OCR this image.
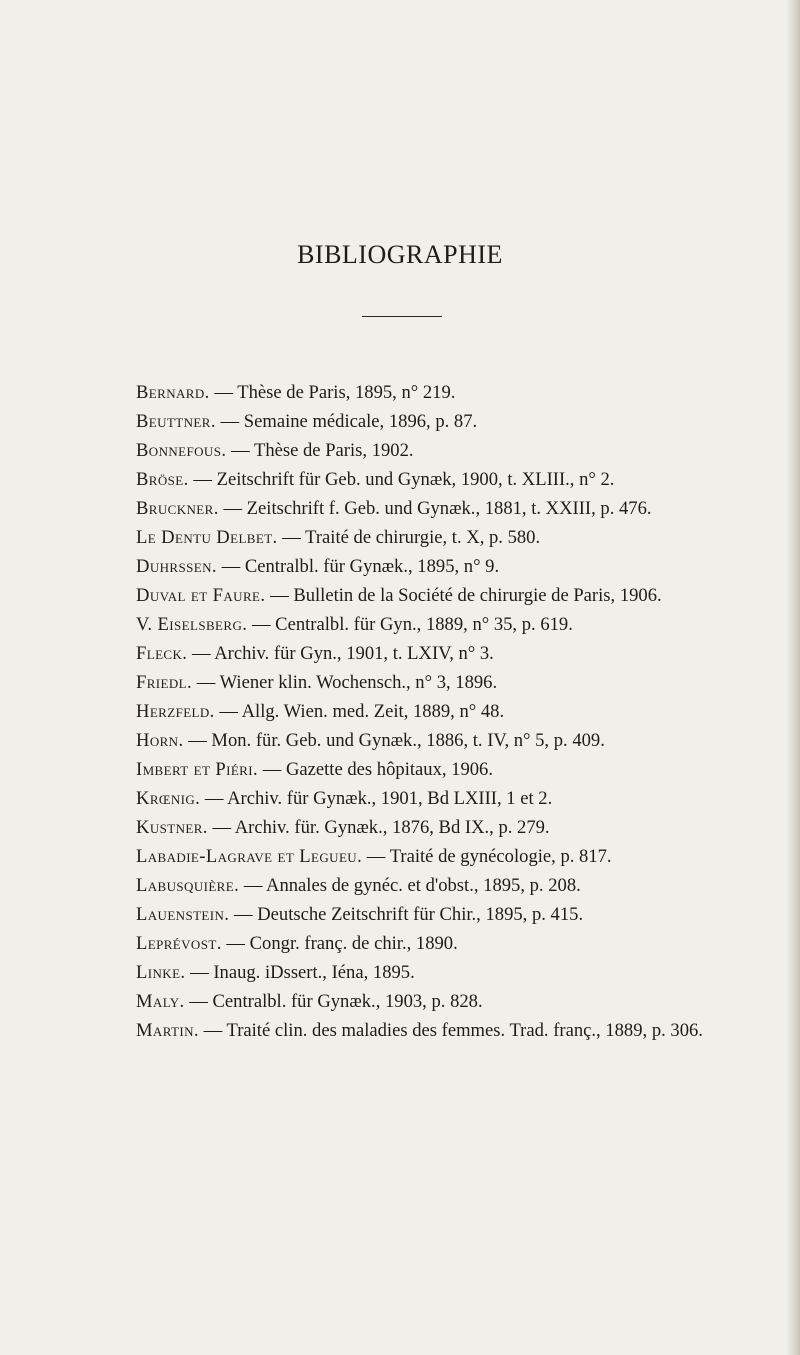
BIBLIOGRAPHIE
Bernard. — Thèse de Paris, 1895, n° 219.
Beuttner. — Semaine médicale, 1896, p. 87.
Bonnefous. — Thèse de Paris, 1902.
Bröse. — Zeitschrift für Geb. und Gynæk, 1900, t. XLIII., n° 2.
Bruckner. — Zeitschrift f. Geb. und Gynæk., 1881, t. XXIII, p. 476.
Le Dentu Delbet. — Traité de chirurgie, t. X, p. 580.
Duhrssen. — Centralbl. für Gynæk., 1895, n° 9.
Duval et Faure. — Bulletin de la Société de chirurgie de Paris, 1906.
V. Eiselsberg. — Centralbl. für Gyn., 1889, n° 35, p. 619.
Fleck. — Archiv. für Gyn., 1901, t. LXIV, n° 3.
Friedl. — Wiener klin. Wochensch., n° 3, 1896.
Herzfeld. — Allg. Wien. med. Zeit, 1889, n° 48.
Horn. — Mon. für. Geb. und Gynæk., 1886, t. IV, n° 5, p. 409.
Imbert et Piéri. — Gazette des hôpitaux, 1906.
Krœnig. — Archiv. für Gynæk., 1901, Bd LXIII, 1 et 2.
Kustner. — Archiv. für. Gynæk., 1876, Bd IX., p. 279.
Labadie-Lagrave et Legueu. — Traité de gynécologie, p. 817.
Labusquière. — Annales de gynéc. et d'obst., 1895, p. 208.
Lauenstein. — Deutsche Zeitschrift für Chir., 1895, p. 415.
Leprévost. — Congr. franç. de chir., 1890.
Linke. — Inaug. iDssert., Iéna, 1895.
Maly. — Centralbl. für Gynæk., 1903, p. 828.
Martin. — Traité clin. des maladies des femmes. Trad. franç., 1889, p. 306.
